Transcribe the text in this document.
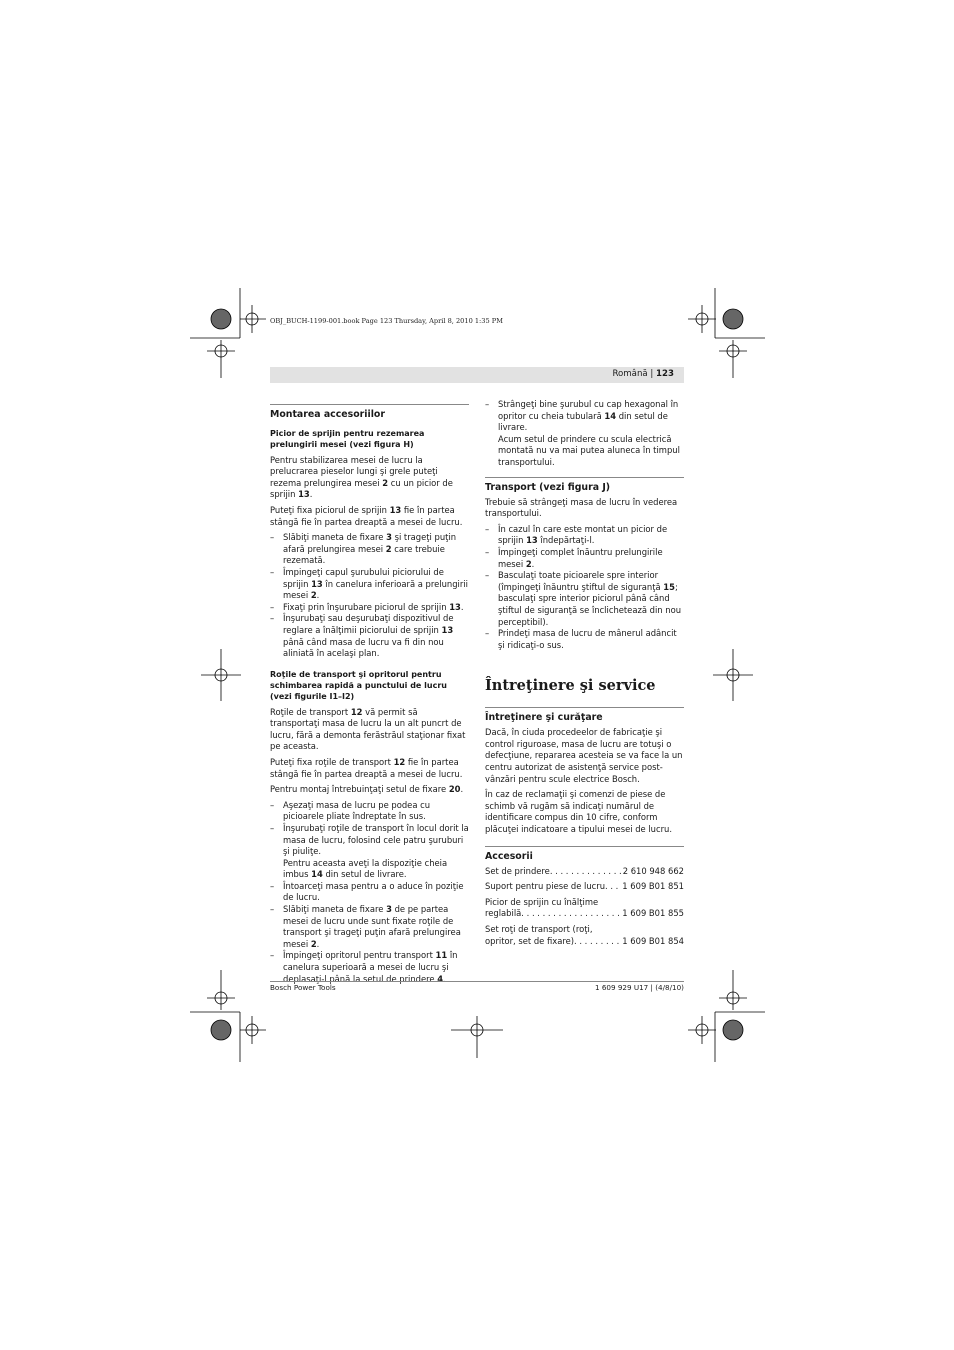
OBJ_BUCH-1199-001.book Page 123 Thursday, April 8, 2010 1:35 PM
Română | 123
Montarea accesoriilor
Picior de sprijin pentru rezemarea prelungirii mesei (vezi figura H)

Pentru stabilizarea mesei de lucru la prelucrarea pieselor lungi şi grele puteţi rezema prelungirea mesei 2 cu un picior de sprijin 13.

Puteţi fixa piciorul de sprijin 13 fie în partea stângă fie în partea dreaptă a mesei de lucru.

– Slăbiţi maneta de fixare 3 şi trageţi puţin afară prelungirea mesei 2 care trebuie rezemată.
– Împingeţi capul şurubului piciorului de sprijin 13 în canelura inferioară a prelungirii mesei 2.
– Fixaţi prin înşurubare piciorul de sprijin 13.
– Înşurubaţi sau deşurubaţi dispozitivul de reglare a înălţimii piciorului de sprijin 13 până când masa de lucru va fi din nou aliniată în acelaşi plan.
Roţile de transport şi opritorul pentru schimbarea rapidă a punctului de lucru (vezi figurile I1–I2)

Roţile de transport 12 vă permit să transportaţi masa de lucru la un alt puncrt de lucru, fără a demonta ferăstrăul staţionar fixat pe aceasta.

Puteţi fixa roţile de transport 12 fie în partea stângă fie în partea dreaptă a mesei de lucru.

Pentru montaj întrebuinţaţi setul de fixare 20.

– Aşezaţi masa de lucru pe podea cu picioarele pliate îndreptate în sus.
– Înşurubaţi roţile de transport în locul dorit la masa de lucru, folosind cele patru şuruburi şi piuliţe.
Pentru aceasta aveţi la dispoziţie cheia imbus 14 din setul de livrare.
– Întoarceţi masa pentru a o aduce în poziţie de lucru.
– Slăbiţi maneta de fixare 3 de pe partea mesei de lucru unde sunt fixate roţile de transport şi trageţi puţin afară prelungirea mesei 2.
– Împingeţi opritorul pentru transport 11 în canelura superioară a mesei de lucru şi deplasaţi-l până la setul de prindere 4.
– Strângeţi bine şurubul cu cap hexagonal în opritor cu cheia tubulară 14 din setul de livrare.
Acum setul de prindere cu scula electrică montată nu va mai putea aluneca în timpul transportului.
Transport (vezi figura J)

Trebuie să strângeţi masa de lucru în vederea transportului.

– În cazul în care este montat un picior de sprijin 13 îndepărtaţi-l.
– Împingeţi complet înăuntru prelungirile mesei 2.
– Basculaţi toate picioarele spre interior (împingeţi înăuntru ştiftul de siguranţă 15; basculaţi spre interior piciorul până când ştiftul de siguranţă se înclichetează din nou perceptibil).
– Prindeţi masa de lucru de mânerul adâncit şi ridicaţi-o sus.
Întreţinere şi service
Întreţinere şi curăţare

Dacă, în ciuda procedeelor de fabricaţie şi control riguroase, masa de lucru are totuşi o defecţiune, repararea acesteia se va face la un centru autorizat de asistenţă service post-vânzări pentru scule electrice Bosch.

În caz de reclamaţii şi comenzi de piese de schimb vă rugăm să indicaţi numărul de identificare compus din 10 cifre, conform plăcuţei indicatoare a tipului mesei de lucru.

Accesorii
Set de prindere . . .	2 610 948 662
Suport pentru piese de lucru . . . 1 609 B01 851
Picior de sprijin cu înălţime
reglabilă . . .	1 609 B01 855
Set roţi de transport (roţi,
opritor, set de fixare) . . .	1 609 B01 854
Bosch Power Tools	1 609 929 U17 | (4/8/10)
